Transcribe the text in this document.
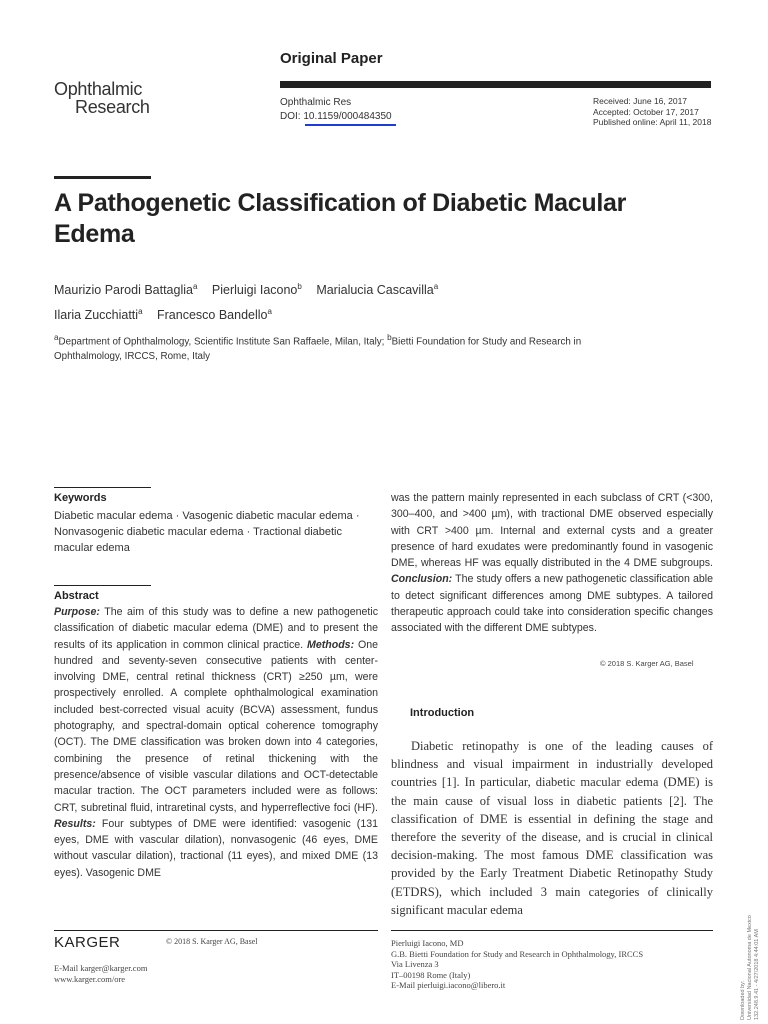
Ophthalmic
Research
Original Paper
Ophthalmic Res
DOI: 10.1159/000484350
Received: June 16, 2017
Accepted: October 17, 2017
Published online: April 11, 2018
A Pathogenetic Classification of Diabetic Macular Edema
Maurizio Parodi Battaglia$^a$ Pierluigi Iacono$^b$ Marialucia Cascavilla$^a$
Ilaria Zucchiatti$^a$ Francesco Bandello$^a$
$^a$Department of Ophthalmology, Scientific Institute San Raffaele, Milan, Italy; $^b$Bietti Foundation for Study and Research in Ophthalmology, IRCCS, Rome, Italy
Keywords
Diabetic macular edema · Vasogenic diabetic macular edema · Nonvasogenic diabetic macular edema · Tractional diabetic macular edema
Abstract
Purpose: The aim of this study was to define a new pathogenetic classification of diabetic macular edema (DME) and to present the results of its application in common clinical practice. Methods: One hundred and seventy-seven consecutive patients with center-involving DME, central retinal thickness (CRT) ≥250 µm, were prospectively enrolled. A complete ophthalmological examination included best-corrected visual acuity (BCVA) assessment, fundus photography, and spectral-domain optical coherence tomography (OCT). The DME classification was broken down into 4 categories, combining the presence of retinal thickening with the presence/absence of visible vascular dilations and OCT-detectable macular traction. The OCT parameters included were as follows: CRT, subretinal fluid, intraretinal cysts, and hyperreflective foci (HF). Results: Four subtypes of DME were identified: vasogenic (131 eyes, DME with vascular dilation), nonvasogenic (46 eyes, DME without vascular dilation), tractional (11 eyes), and mixed DME (13 eyes). Vasogenic DME
was the pattern mainly represented in each subclass of CRT (<300, 300–400, and >400 µm), with tractional DME observed especially with CRT >400 µm. Internal and external cysts and a greater presence of hard exudates were predominantly found in vasogenic DME, whereas HF was equally distributed in the 4 DME subgroups. Conclusion: The study offers a new pathogenetic classification able to detect significant differences among DME subtypes. A tailored therapeutic approach could take into consideration specific changes associated with the different DME subtypes.
© 2018 S. Karger AG, Basel
Introduction

Diabetic retinopathy is one of the leading causes of blindness and visual impairment in industrially developed countries [1]. In particular, diabetic macular edema (DME) is the main cause of visual loss in diabetic patients [2]. The classification of DME is essential in defining the stage and therefore the severity of the disease, and is crucial in clinical decision-making. The most famous DME classification was provided by the Early Treatment Diabetic Retinopathy Study (ETDRS), which included 3 main categories of clinically significant macular edema

KARGER	© 2018 S. Karger AG, Basel
E-Mail karger@karger.com
www.karger.com/ore
Pierluigi Iacono, MD
G.B. Bietti Foundation for Study and Research in Ophthalmology, IRCCS
Via Livenza 3
IT–00198 Rome (Italy)
E-Mail pierluigi.iacono@libero.it	Downloaded by: Universidad Nacional Autonoma de Mexico 132.248.9.41 - 4/27/2018 4:44:01 AM
